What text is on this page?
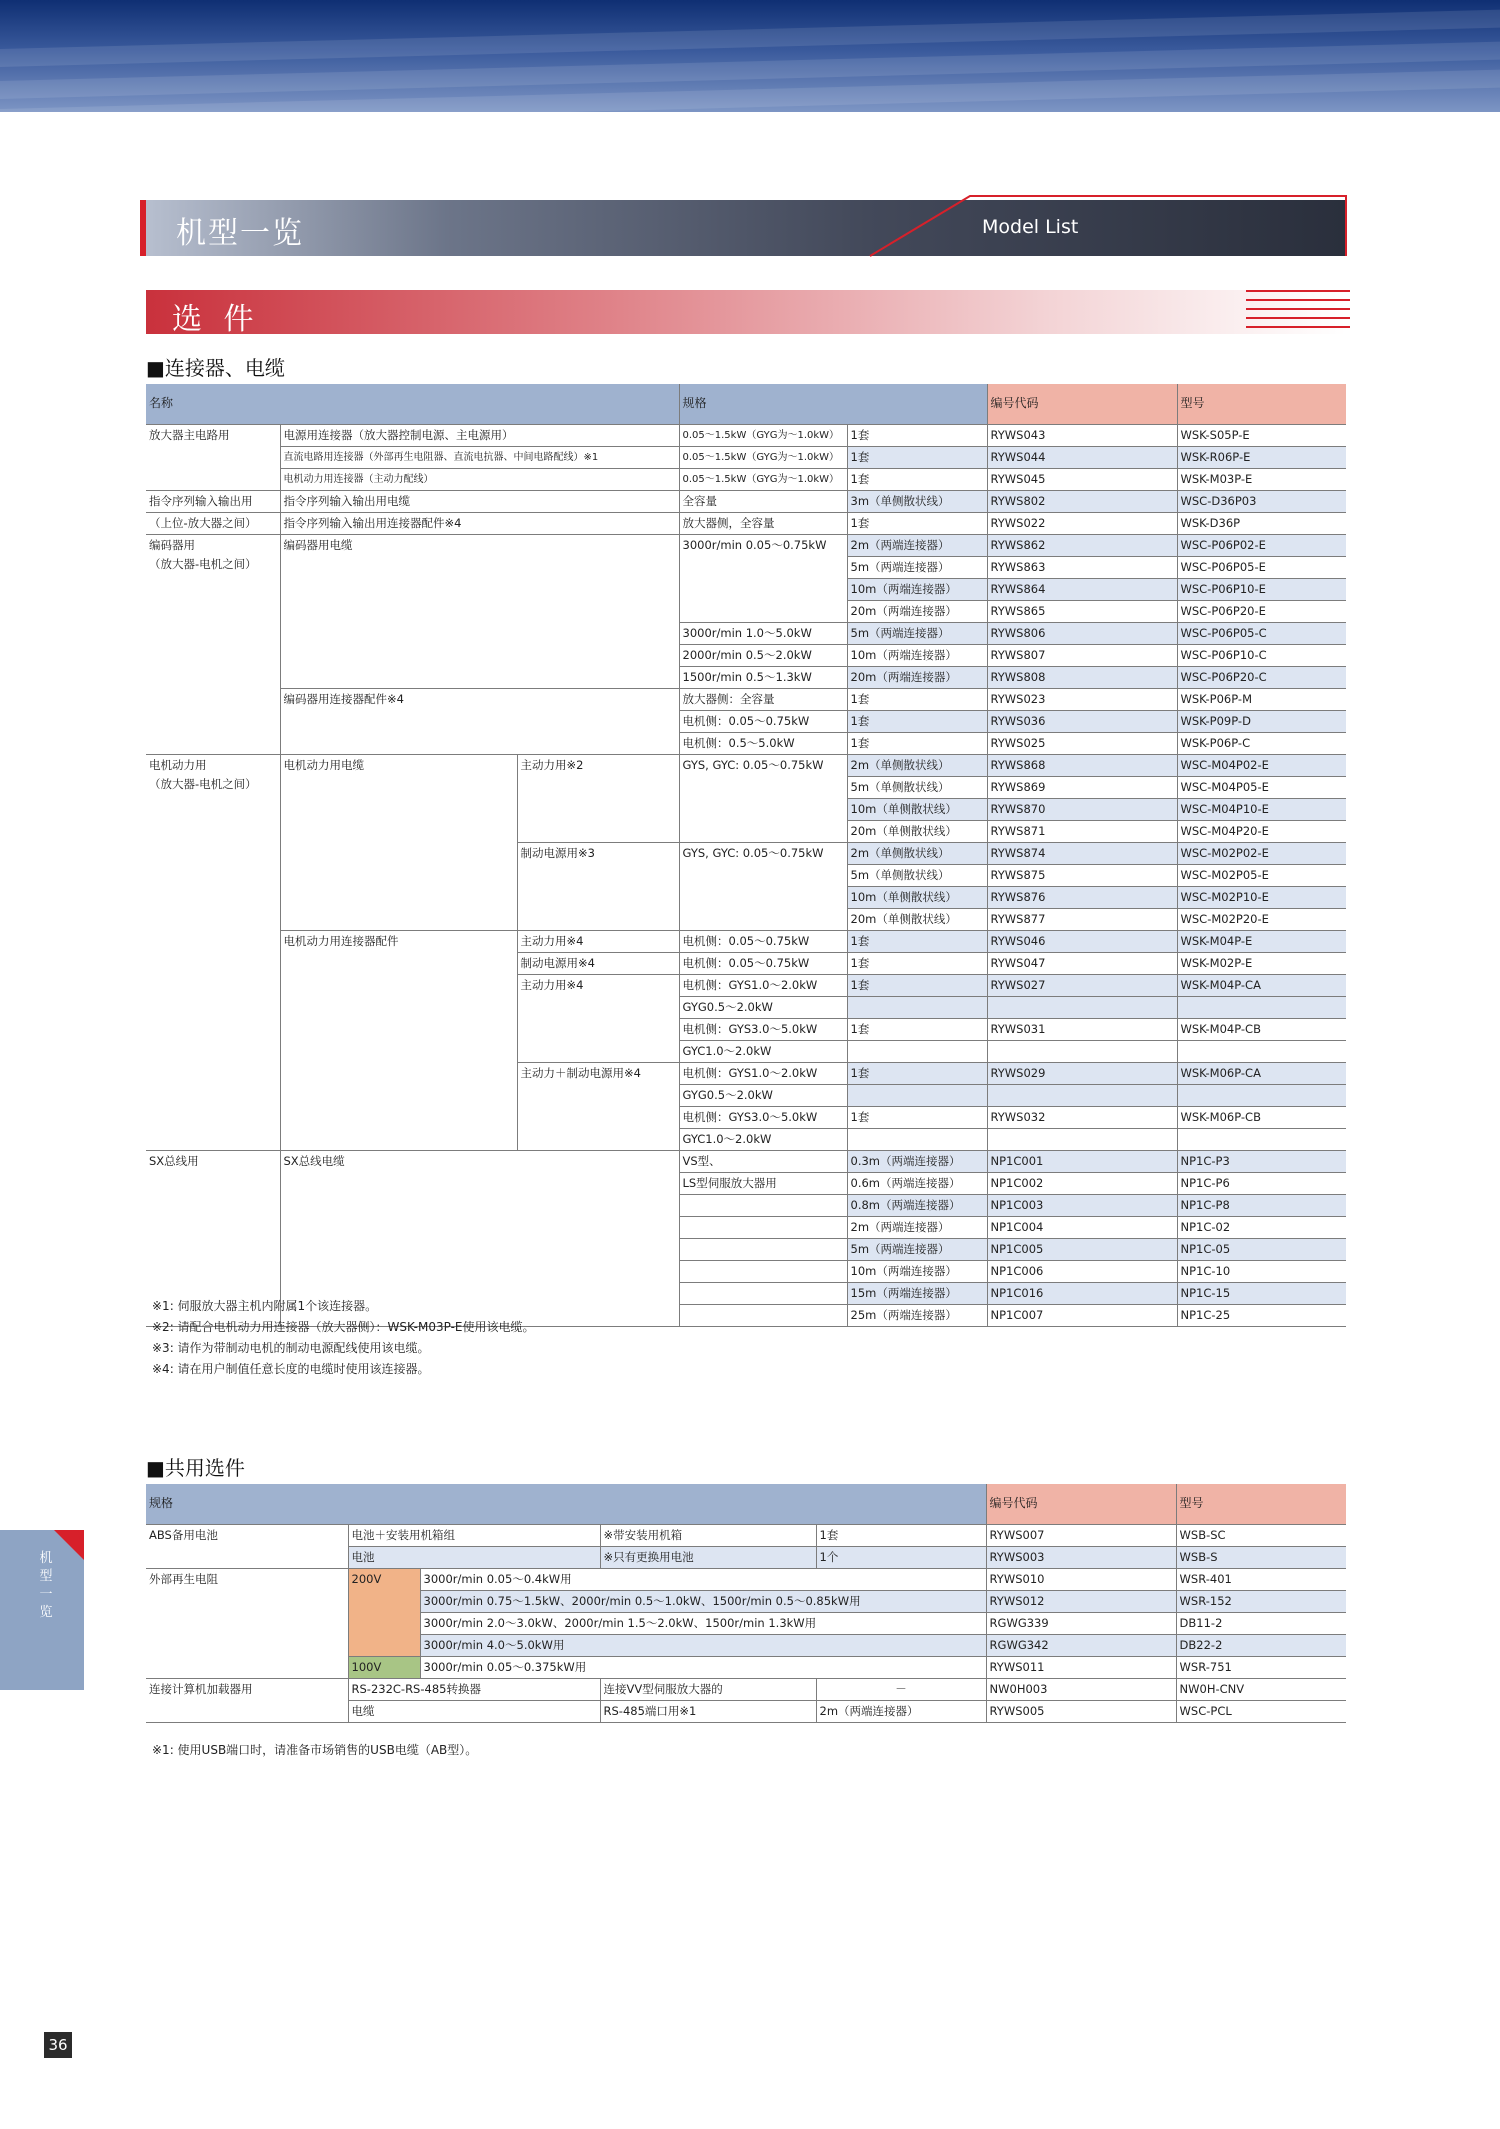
机型一览	Model List
选 件
■连接器、电缆
名称			规格		编号代码	型号

放大器主电路用	电源用连接器（放大器控制电源、主电源用）		0.05～1.5kW（GYG为～1.0kW）	1套	RYWS043	WSK-S05P-E
	直流电路用连接器（外部再生电阻器、直流电抗器、中间电路配线）※1		0.05～1.5kW（GYG为～1.0kW）	1套	RYWS044	WSK-R06P-E
	电机动力用连接器（主动力配线）		0.05～1.5kW（GYG为～1.0kW）	1套	RYWS045	WSK-M03P-E

指令序列输入输出用	指令序列输入输出用电缆		全容量	3m（单侧散状线）	RYWS802	WSC-D36P03

（上位-放大器之间）	指令序列输入输出用连接器配件※4		放大器侧，全容量	1套	RYWS022	WSK-D36P

编码器用
（放大器-电机之间）	编码器用电缆		3000r/min 0.05～0.75kW	2m（两端连接器）	RYWS862	WSC-P06P02-E
				5m（两端连接器）	RYWS863	WSC-P06P05-E
				10m（两端连接器）	RYWS864	WSC-P06P10-E
				20m（两端连接器）	RYWS865	WSC-P06P20-E
			3000r/min 1.0～5.0kW	5m（两端连接器）	RYWS806	WSC-P06P05-C
			2000r/min 0.5～2.0kW	10m（两端连接器）	RYWS807	WSC-P06P10-C
			1500r/min 0.5～1.3kW	20m（两端连接器）	RYWS808	WSC-P06P20-C
	编码器用连接器配件※4		放大器侧：全容量	1套	RYWS023	WSK-P06P-M
			电机侧：0.05～0.75kW	1套	RYWS036	WSK-P09P-D
			电机侧：0.5～5.0kW	1套	RYWS025	WSK-P06P-C

电机动力用
（放大器-电机之间）	电机动力用电缆	主动力用※2	GYS, GYC: 0.05～0.75kW	2m（单侧散状线）	RYWS868	WSC-M04P02-E
				5m（单侧散状线）	RYWS869	WSC-M04P05-E
				10m（单侧散状线）	RYWS870	WSC-M04P10-E
				20m（单侧散状线）	RYWS871	WSC-M04P20-E
		制动电源用※3	GYS, GYC: 0.05～0.75kW	2m（单侧散状线）	RYWS874	WSC-M02P02-E
				5m（单侧散状线）	RYWS875	WSC-M02P05-E
				10m（单侧散状线）	RYWS876	WSC-M02P10-E
				20m（单侧散状线）	RYWS877	WSC-M02P20-E
	电机动力用连接器配件	主动力用※4	电机侧：0.05～0.75kW	1套	RYWS046	WSK-M04P-E
		制动电源用※4	电机侧：0.05～0.75kW	1套	RYWS047	WSK-M02P-E
		主动力用※4	电机侧：GYS1.0～2.0kW	1套	RYWS027	WSK-M04P-CA
			GYG0.5～2.0kW			
			电机侧：GYS3.0～5.0kW	1套	RYWS031	WSK-M04P-CB
			GYC1.0～2.0kW			
		主动力＋制动电源用※4	电机侧：GYS1.0～2.0kW	1套	RYWS029	WSK-M06P-CA
			GYG0.5～2.0kW			
			电机侧：GYS3.0～5.0kW	1套	RYWS032	WSK-M06P-CB
			GYC1.0～2.0kW			

SX总线用	SX总线电缆		VS型、	0.3m（两端连接器）	NP1C001	NP1C-P3
			LS型伺服放大器用	0.6m（两端连接器）	NP1C002	NP1C-P6
				0.8m（两端连接器）	NP1C003	NP1C-P8
				2m（两端连接器）	NP1C004	NP1C-02
				5m（两端连接器）	NP1C005	NP1C-05
				10m（两端连接器）	NP1C006	NP1C-10
				15m（两端连接器）	NP1C016	NP1C-15
				25m（两端连接器）	NP1C007	NP1C-25
※1: 伺服放大器主机内附属1个该连接器。
※2: 请配合电机动力用连接器（放大器侧）：WSK-M03P-E使用该电缆。
※3: 请作为带制动电机的制动电源配线使用该电缆。
※4: 请在用户制值任意长度的电缆时使用该连接器。
■共用选件
规格					编号代码	型号
ABS备用电池	电池＋安装用机箱组		※带安装用机箱	1套	RYWS007	WSB-SC
	电池		※只有更换用电池	1个	RYWS003	WSB-S
外部再生电阻	200V	3000r/min 0.05～0.4kW用			RYWS010	WSR-401
		3000r/min 0.75～1.5kW、2000r/min 0.5～1.0kW、1500r/min 0.5～0.85kW用			RYWS012	WSR-152
		3000r/min 2.0～3.0kW、2000r/min 1.5～2.0kW、1500r/min 1.3kW用			RGWG339	DB11-2
		3000r/min 4.0～5.0kW用			RGWG342	DB22-2
	100V	3000r/min 0.05～0.375kW用			RYWS011	WSR-751
连接计算机加载器用	RS-232C-RS-485转换器		连接VV型伺服放大器的	－	NW0H003	NW0H-CNV
	电缆		RS-485端口用※1	2m（两端连接器）	RYWS005	WSC-PCL
※1: 使用USB端口时，请准备市场销售的USB电缆（AB型）。
机型一览
36
